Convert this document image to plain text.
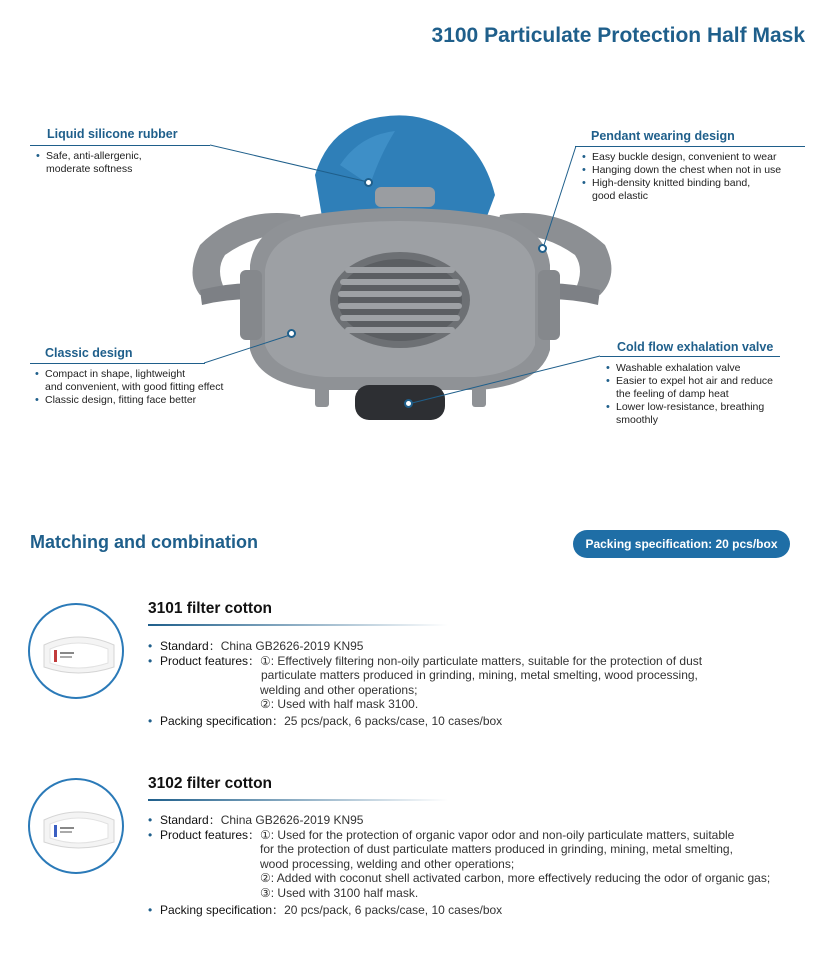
3100 Particulate Protection Half Mask
Liquid silicone rubber
• Safe, anti-allergenic,
moderate softness
Pendant wearing design
• Easy buckle design, convenient to wear
• Hanging down the chest when not in use
• High-density knitted binding band,
good elastic
Classic design
• Compact in shape, lightweight
and convenient, with good fitting effect
• Classic design, fitting face better
Cold flow exhalation valve
• Washable exhalation valve
• Easier to expel hot air and reduce
the feeling of damp heat
• Lower low-resistance, breathing
smoothly
Matching and combination	Packing specification: 20 pcs/box
3101 filter cotton
• Standard：China GB2626-2019 KN95
• Product features： ①: Effectively filtering non-oily particulate matters, suitable for the protection of dust
particulate matters produced in grinding, mining, metal smelting, wood processing,
welding and other operations;
②: Used with half mask 3100.
• Packing specification：25 pcs/pack, 6 packs/case, 10 cases/box
3102 filter cotton
• Standard：China GB2626-2019 KN95
• Product features： ①: Used for the protection of organic vapor odor and non-oily particulate matters, suitable
for the protection of dust particulate matters produced in grinding, mining, metal smelting,
wood processing, welding and other operations;
②: Added with coconut shell activated carbon, more effectively reducing the odor of organic gas;
③: Used with 3100 half mask.
• Packing specification：20 pcs/pack, 6 packs/case, 10 cases/box
